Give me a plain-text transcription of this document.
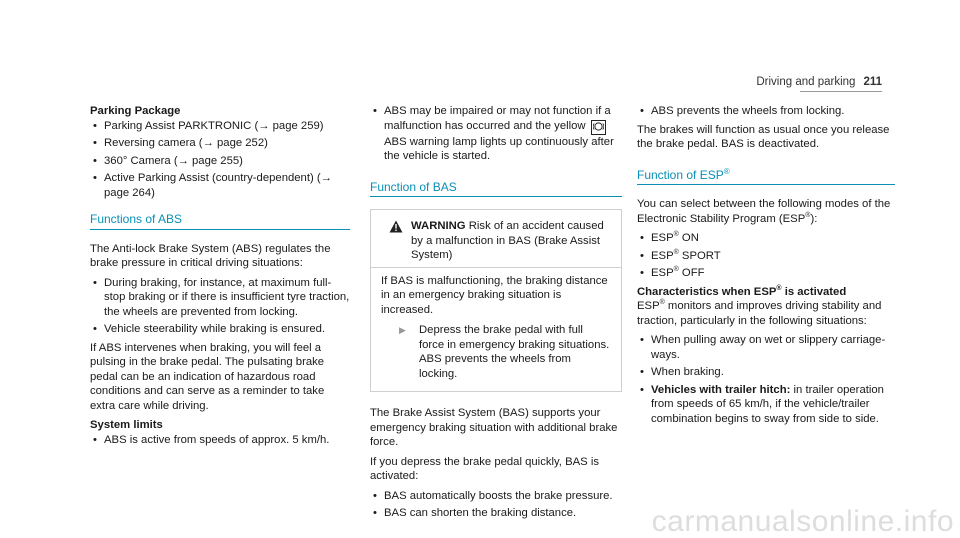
Driving and parking 211

Parking Package

• Parking Assist PARKTRONIC (→ page 259)
• Reversing camera (→ page 252)
• 360° Camera (→ page 255)
• Active Parking Assist (country-dependent) (→ page 264)
Functions of ABS

The Anti-lock Brake System (ABS) regulates the brake pressure in critical driving situations:

• During braking, for instance, at maximum full-stop braking or if there is insufficient tyre traction, the wheels are prevented from locking.
• Vehicle steerability while braking is ensured.

If ABS intervenes when braking, you will feel a pulsing in the brake pedal. The pulsating brake pedal can be an indication of hazardous road conditions and can serve as a reminder to take extra care while driving.

System limits

• ABS is active from speeds of approx. 5 km/h.
• ABS may be impaired or may not function if a malfunction has occurred and the yellow  ABS warning lamp lights up continuously after the vehicle is started.
Function of BAS
WARNING Risk of an accident caused by a malfunction in BAS (Brake Assist System)

If BAS is malfunctioning, the braking distance in an emergency braking situation is increased.

▶	Depress the brake pedal with full force in emergency braking situations. ABS prevents the wheels from locking.

The Brake Assist System (BAS) supports your emergency braking situation with additional brake force.

If you depress the brake pedal quickly, BAS is activated:

• BAS automatically boosts the brake pressure.
• BAS can shorten the braking distance.
• ABS prevents the wheels from locking.

The brakes will function as usual once you release the brake pedal. BAS is deactivated.

Function of ESP®

You can select between the following modes of the Electronic Stability Program (ESP®):

• ESP® ON
• ESP® SPORT
• ESP® OFF

Characteristics when ESP® is activated

ESP® monitors and improves driving stability and traction, particularly in the following situations:

• When pulling away on wet or slippery carriage-ways.
• When braking.
• Vehicles with trailer hitch: in trailer operation from speeds of 65 km/h, if the vehicle/trailer combination begins to sway from side to side.
carmanualsonline.info
